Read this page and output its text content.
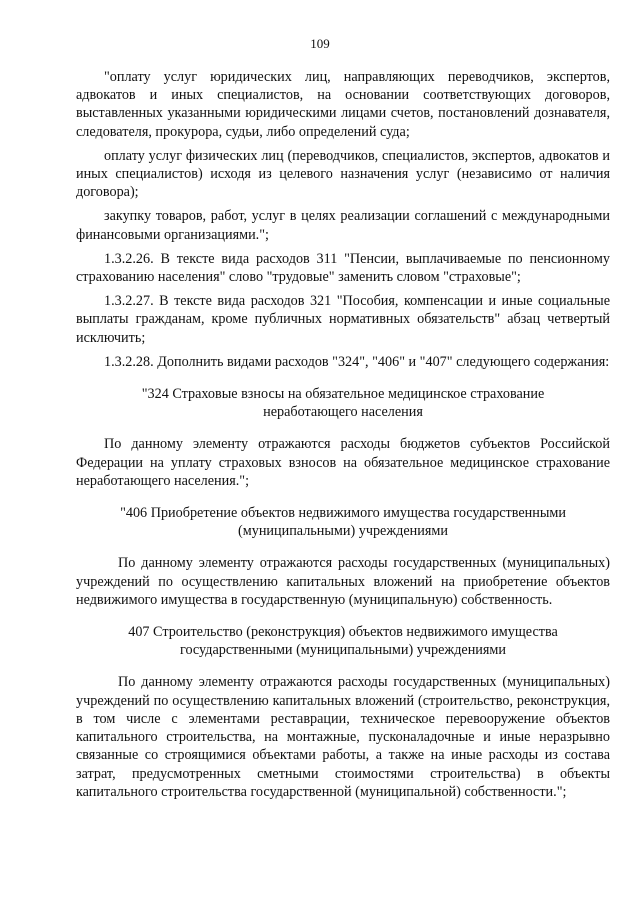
109

"оплату услуг юридических лиц, направляющих переводчиков, экспертов, адвокатов и иных специалистов, на основании соответствующих договоров, выставленных указанными юридическими лицами счетов, постановлений дознавателя, следователя, прокурора, судьи, либо определений суда;

оплату услуг физических лиц (переводчиков, специалистов, экспертов, адвокатов и иных специалистов) исходя из целевого назначения услуг (независимо от наличия договора);

закупку товаров, работ, услуг в целях реализации соглашений с международными финансовыми организациями.";

1.3.2.26. В тексте вида расходов 311 "Пенсии, выплачиваемые по пенсионному страхованию населения" слово "трудовые" заменить словом "страховые";

1.3.2.27. В тексте вида расходов 321 "Пособия, компенсации и иные социальные выплаты гражданам, кроме публичных нормативных обязательств" абзац четвертый исключить;

1.3.2.28. Дополнить видами расходов "324", "406" и "407" следующего содержания:

"324 Страховые взносы на обязательное медицинское страхование неработающего населения

По данному элементу отражаются расходы бюджетов субъектов Российской Федерации на уплату страховых взносов на обязательное медицинское страхование неработающего населения.";

"406 Приобретение объектов недвижимого имущества государственными (муниципальными) учреждениями

По данному элементу отражаются расходы государственных (муниципальных) учреждений по осуществлению капитальных вложений на приобретение объектов недвижимого имущества в государственную (муниципальную) собственность.

407 Строительство (реконструкция) объектов недвижимого имущества государственными (муниципальными) учреждениями

По данному элементу отражаются расходы государственных (муниципальных) учреждений по осуществлению капитальных вложений (строительство, реконструкция, в том числе с элементами реставрации, техническое перевооружение объектов капитального строительства, на монтажные, пусконаладочные и иные неразрывно связанные со строящимися объектами работы, а также на иные расходы из состава затрат, предусмотренных сметными стоимостями строительства) в объекты капитального строительства государственной (муниципальной) собственности.";
